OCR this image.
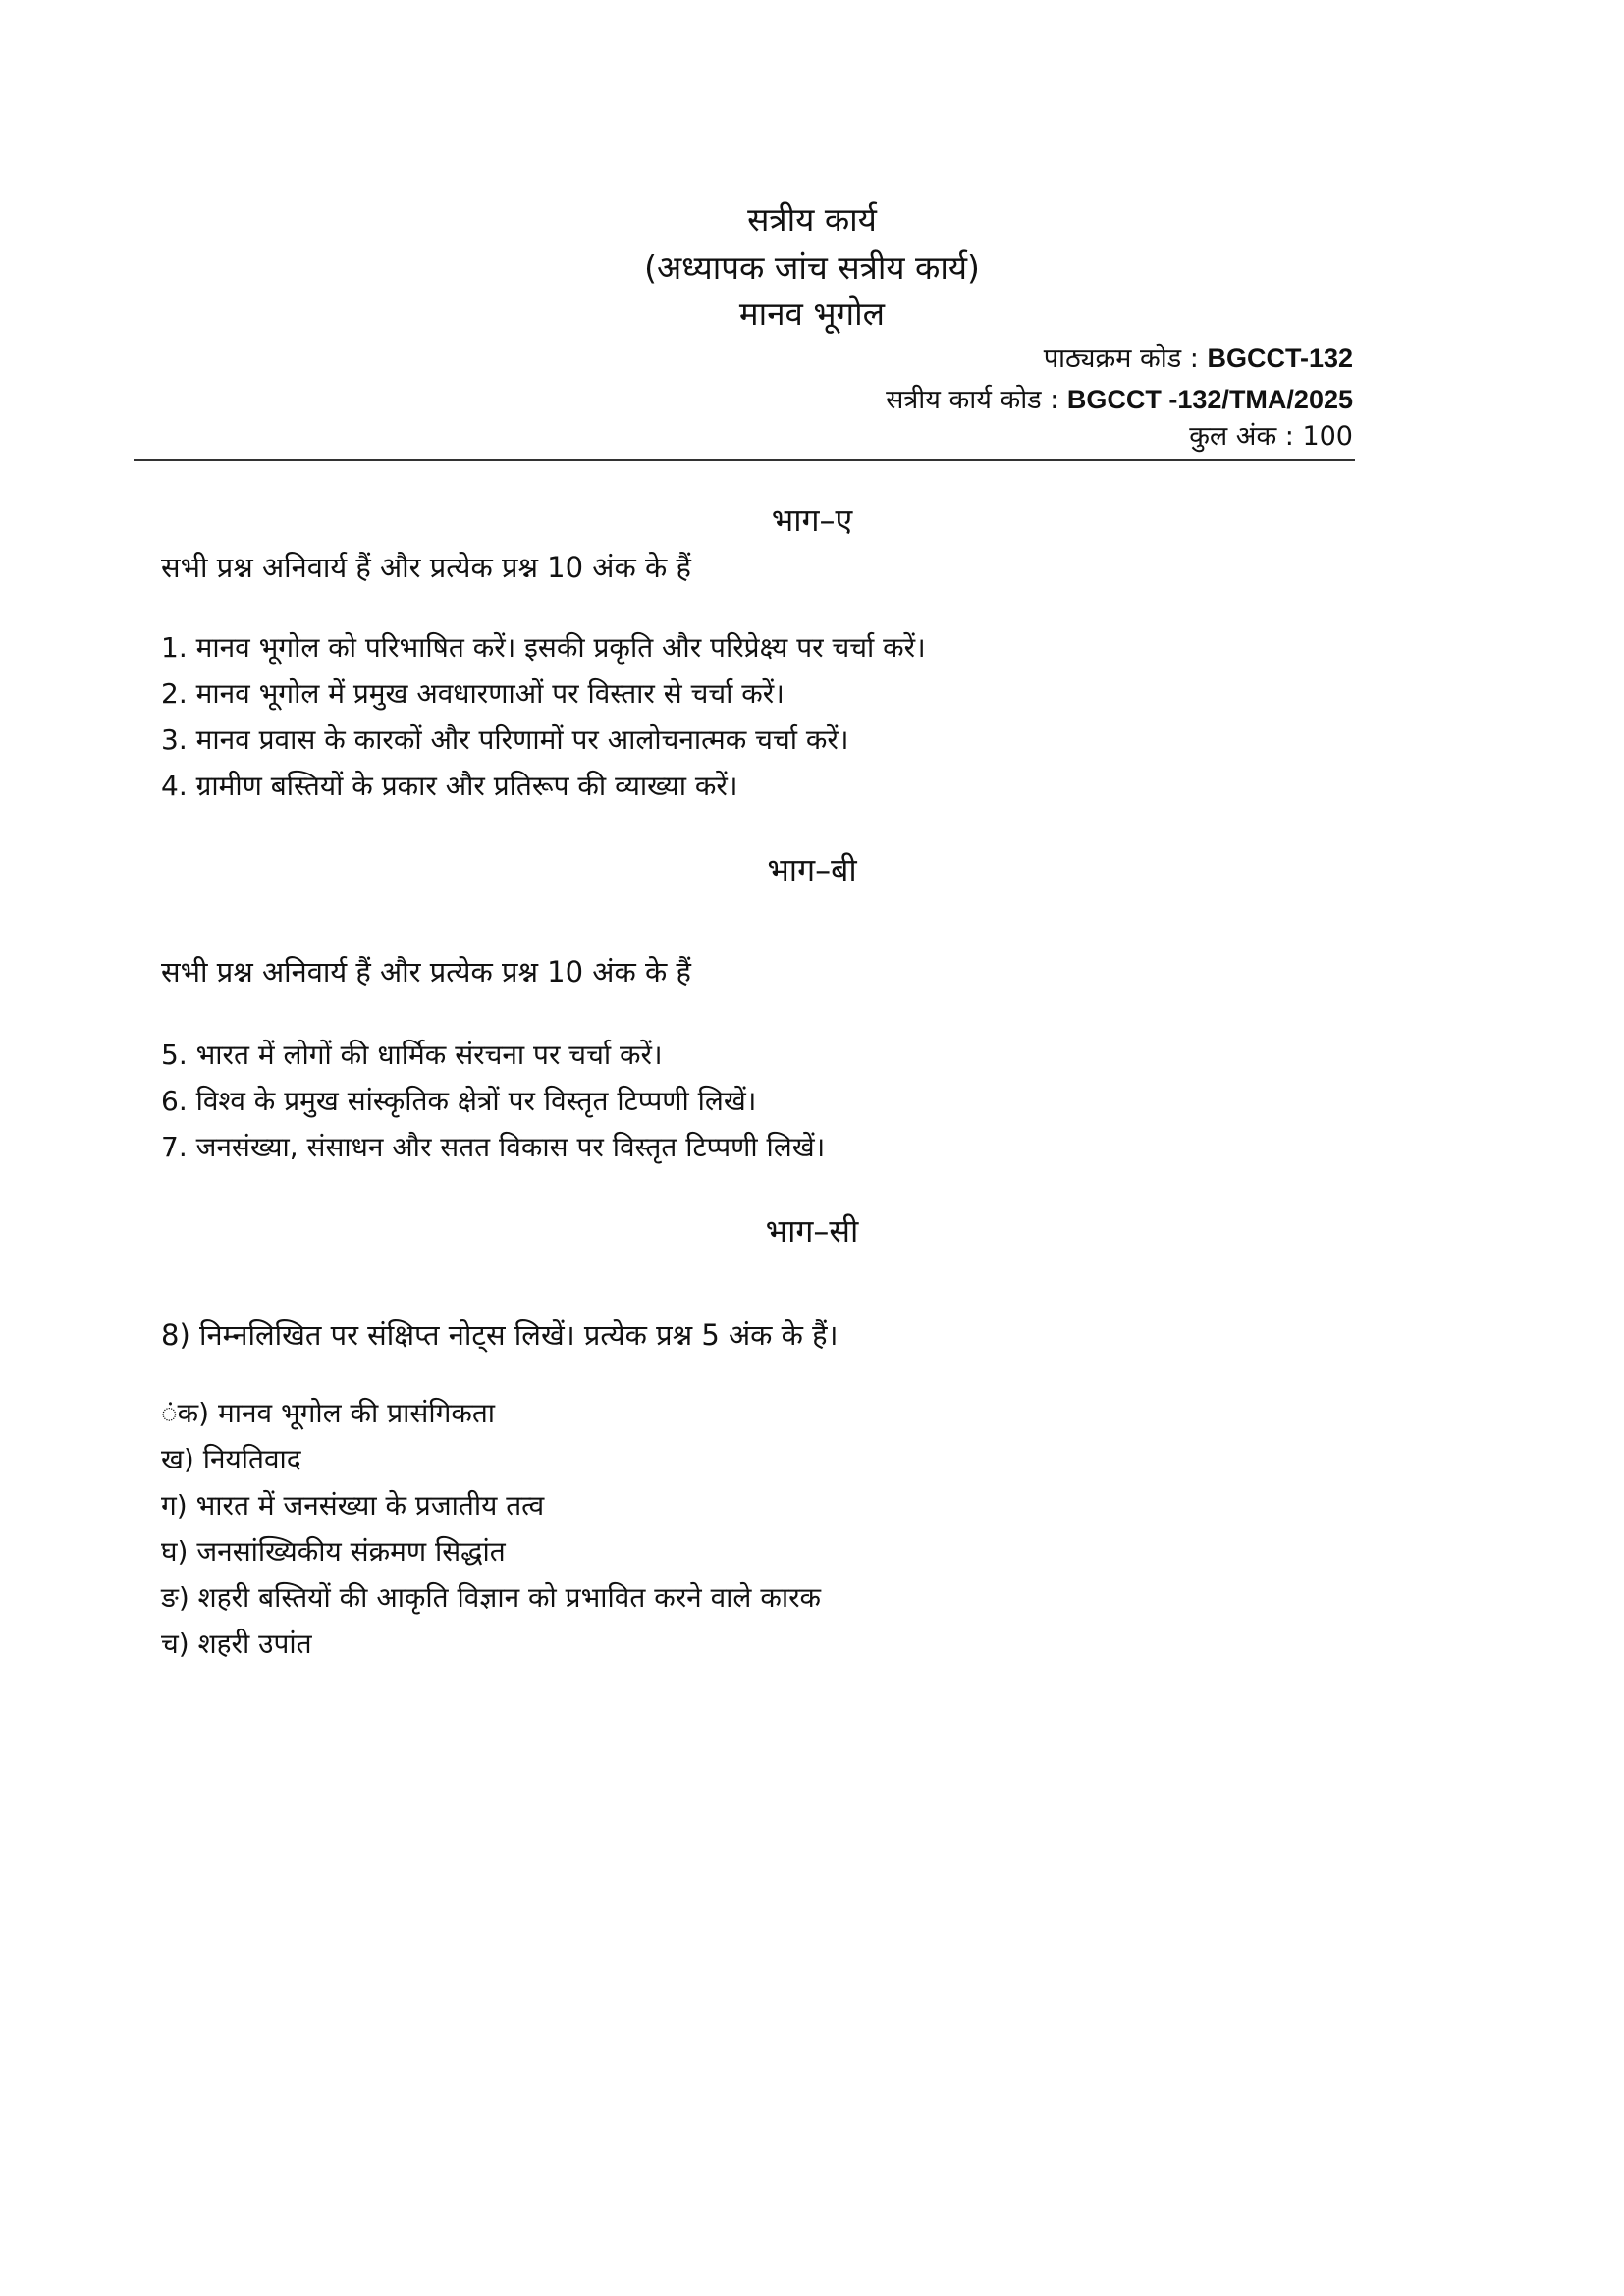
सत्रीय कार्य
(अध्यापक जांच सत्रीय कार्य)
मानव भूगोल
पाठ्यक्रम कोड : BGCCT-132
सत्रीय कार्य कोड : BGCCT -132/TMA/2025
कुल अंक : 100
भाग–ए
सभी प्रश्न अनिवार्य हैं और प्रत्येक प्रश्न 10 अंक के हैं
1. मानव भूगोल को परिभाषित करें। इसकी प्रकृति और परिप्रेक्ष्य पर चर्चा करें।
2. मानव भूगोल में प्रमुख अवधारणाओं पर विस्तार से चर्चा करें।
3. मानव प्रवास के कारकों और परिणामों पर आलोचनात्मक चर्चा करें।
4. ग्रामीण बस्तियों के प्रकार और प्रतिरूप की व्याख्या करें।
भाग–बी
सभी प्रश्न अनिवार्य हैं और प्रत्येक प्रश्न 10 अंक के हैं
5. भारत में लोगों की धार्मिक संरचना पर चर्चा करें।
6. विश्व के प्रमुख सांस्कृतिक क्षेत्रों पर विस्तृत टिप्पणी लिखें।
7. जनसंख्या, संसाधन और सतत विकास पर विस्तृत टिप्पणी लिखें।
भाग–सी
8) निम्नलिखित पर संक्षिप्त नोट्स लिखें। प्रत्येक प्रश्न 5 अंक के हैं।
ंक) मानव भूगोल की प्रासंगिकता
ख) नियतिवाद
ग) भारत में जनसंख्या के प्रजातीय तत्व
घ) जनसांख्यिकीय संक्रमण सिद्धांत
ङ) शहरी बस्तियों की आकृति विज्ञान को प्रभावित करने वाले कारक
च) शहरी उपांत
